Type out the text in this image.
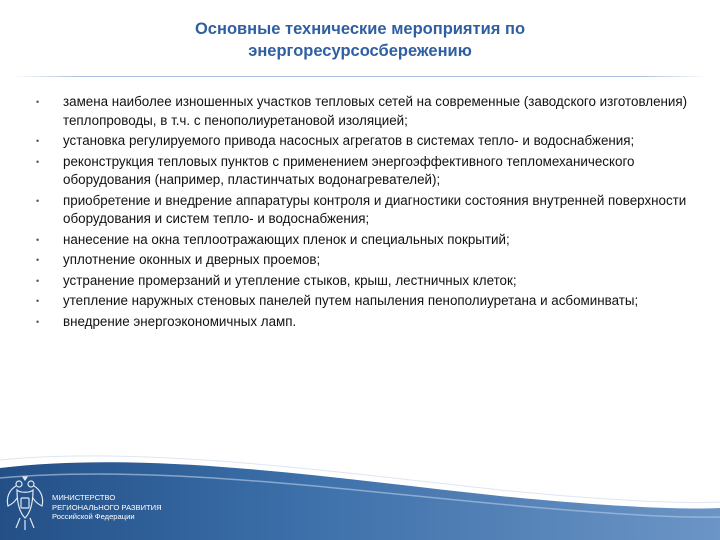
Основные технические мероприятия по
энергоресурсосбережению
• замена наиболее изношенных участков тепловых сетей на современные (заводского изготовления) теплопроводы, в т.ч. с пенополиуретановой изоляцией;
• установка регулируемого привода насосных агрегатов в системах тепло- и водоснабжения;
• реконструкция тепловых пунктов с применением энергоэффективного тепломеханического оборудования (например, пластинчатых водонагревателей);
• приобретение и внедрение аппаратуры контроля и диагностики состояния внутренней поверхности оборудования и систем тепло- и водоснабжения;
• нанесение на окна теплоотражающих пленок и специальных покрытий;
• уплотнение оконных и дверных проемов;
• устранение промерзаний и утепление стыков, крыш, лестничных клеток;
• утепление наружных стеновых панелей путем напыления пенополиуретана и асбоминваты;
• внедрение энергоэкономичных ламп.
МИНИСТЕРСТВО
РЕГИОНАЛЬНОГО РАЗВИТИЯ
Российской Федерации
